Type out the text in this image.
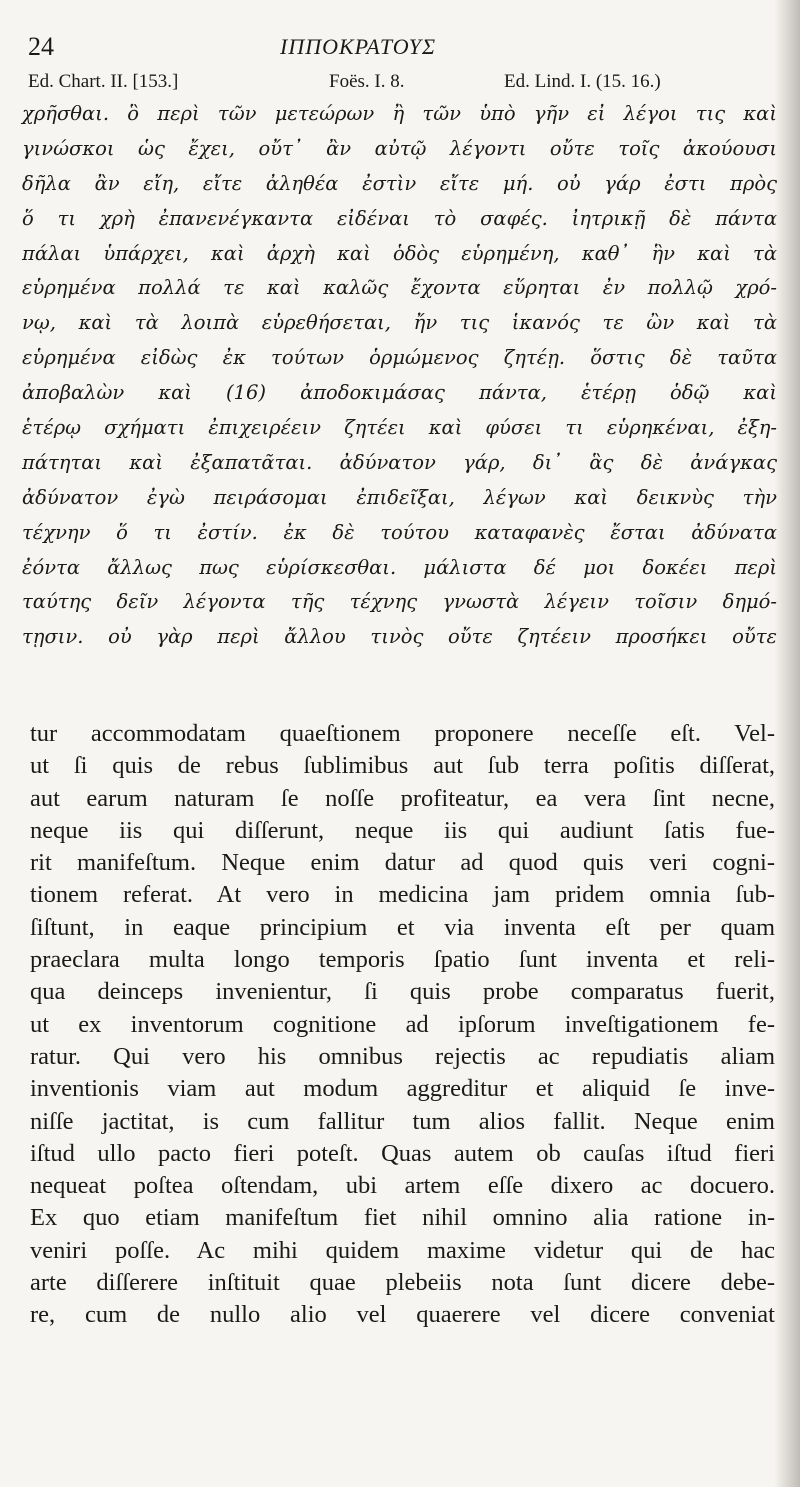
24	ΙΠΠΟΚΡΑΤΟΥΣ
Ed. Chart. II. [153.]	Foës. I. 8.	Ed. Lind. I. (15. 16.)
χρῆσθαι. ὃ περὶ τῶν μετεώρων ἢ τῶν ὑπὸ γῆν εἰ λέγοι τις καὶ
γινώσκοι ὡς ἔχει, οὔτ᾽ ἂν αὐτῷ λέγοντι οὔτε τοῖς ἀκούουσι
δῆλα ἂν εἴη, εἴτε ἀληθέα ἐστὶν εἴτε μή. οὐ γάρ ἐστι πρὸς
ὅ τι χρὴ ἐπανενέγκαντα εἰδέναι τὸ σαφές. ἰητρικῇ δὲ πάντα
πάλαι ὑπάρχει, καὶ ἀρχὴ καὶ ὁδὸς εὑρημένη, καθ᾽ ἣν καὶ τὰ
εὑρημένα πολλά τε καὶ καλῶς ἔχοντα εὕρηται ἐν πολλῷ χρό-
νῳ, καὶ τὰ λοιπὰ εὑρεθήσεται, ἤν τις ἱκανός τε ὢν καὶ τὰ
εὑρημένα εἰδὼς ἐκ τούτων ὁρμώμενος ζητέῃ. ὅστις δὲ ταῦτα
ἀποβαλὼν καὶ (16) ἀποδοκιμάσας πάντα, ἑτέρῃ ὁδῷ καὶ
ἑτέρῳ σχήματι ἐπιχειρέειν ζητέει καὶ φύσει τι εὑρηκέναι, ἐξη-
πάτηται καὶ ἐξαπατᾶται. ἀδύνατον γάρ, δι᾽ ἃς δὲ ἀνάγκας
ἀδύνατον ἐγὼ πειράσομαι ἐπιδεῖξαι, λέγων καὶ δεικνὺς τὴν
τέχνην ὅ τι ἐστίν. ἐκ δὲ τούτου καταφανὲς ἔσται ἀδύνατα
ἐόντα ἄλλως πως εὑρίσκεσθαι. μάλιστα δέ μοι δοκέει περὶ
ταύτης δεῖν λέγοντα τῆς τέχνης γνωστὰ λέγειν τοῖσιν δημό-
τῃσιν. οὐ γὰρ περὶ ἄλλου τινὸς οὔτε ζητέειν προσήκει οὔτε
tur accommodatam quaeſtionem proponere neceſſe eſt. Vel-
ut ſi quis de rebus ſublimibus aut ſub terra poſitis diſſerat,
aut earum naturam ſe noſſe profiteatur, ea vera ſint necne,
neque iis qui diſſerunt, neque iis qui audiunt ſatis fue-
rit manifeſtum. Neque enim datur ad quod quis veri cogni-
tionem referat. At vero in medicina jam pridem omnia ſub-
ſiſtunt, in eaque principium et via inventa eſt per quam
praeclara multa longo temporis ſpatio ſunt inventa et reli-
qua deinceps invenientur, ſi quis probe comparatus fuerit,
ut ex inventorum cognitione ad ipſorum inveſtigationem fe-
ratur. Qui vero his omnibus rejectis ac repudiatis aliam
inventionis viam aut modum aggreditur et aliquid ſe inve-
niſſe jactitat, is cum fallitur tum alios fallit. Neque enim
iſtud ullo pacto fieri poteſt. Quas autem ob cauſas iſtud fieri
nequeat poſtea oſtendam, ubi artem eſſe dixero ac docuero.
Ex quo etiam manifeſtum fiet nihil omnino alia ratione in-
veniri poſſe. Ac mihi quidem maxime videtur qui de hac
arte diſſerere inſtituit quae plebeiis nota ſunt dicere debe-
re, cum de nullo alio vel quaerere vel dicere conveniat
